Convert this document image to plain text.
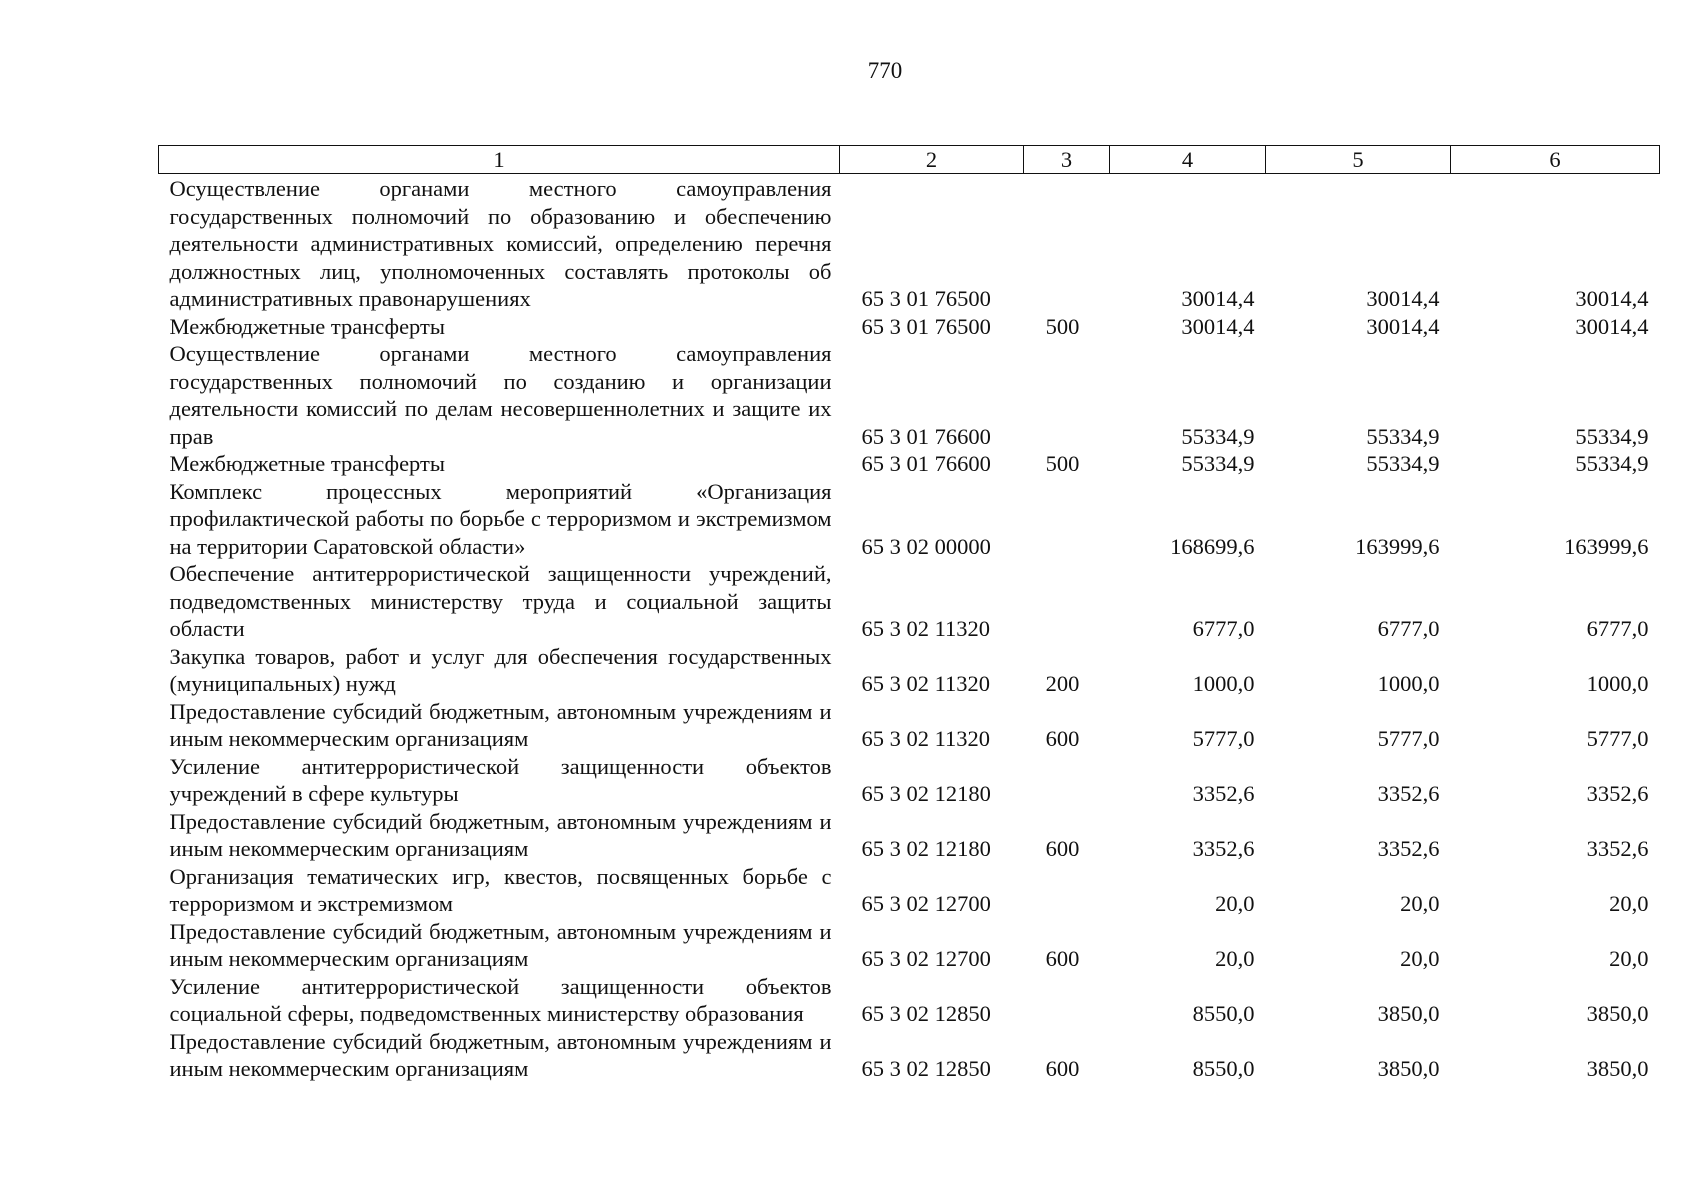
770
1	2	3	4	5	6
Осуществление органами местного самоуправления государственных полномочий по образованию и обеспечению деятельности административных комиссий, определению перечня должностных лиц, уполномоченных составлять протоколы об административных правонарушениях	65 3 01 76500		30014,4	30014,4	30014,4
Межбюджетные трансферты	65 3 01 76500	500	30014,4	30014,4	30014,4
Осуществление органами местного самоуправления государственных полномочий по созданию и организации деятельности комиссий по делам несовершеннолетних и защите их прав	65 3 01 76600		55334,9	55334,9	55334,9
Межбюджетные трансферты	65 3 01 76600	500	55334,9	55334,9	55334,9
Комплекс процессных мероприятий «Организация профилактической работы по борьбе с терроризмом и экстремизмом на территории Саратовской области»	65 3 02 00000		168699,6	163999,6	163999,6
Обеспечение антитеррористической защищенности учреждений, подведомственных министерству труда и социальной защиты области	65 3 02 11320		6777,0	6777,0	6777,0
Закупка товаров, работ и услуг для обеспечения государственных (муниципальных) нужд	65 3 02 11320	200	1000,0	1000,0	1000,0
Предоставление субсидий бюджетным, автономным учреждениям и иным некоммерческим организациям	65 3 02 11320	600	5777,0	5777,0	5777,0
Усиление антитеррористической защищенности объектов учреждений в сфере культуры	65 3 02 12180		3352,6	3352,6	3352,6
Предоставление субсидий бюджетным, автономным учреждениям и иным некоммерческим организациям	65 3 02 12180	600	3352,6	3352,6	3352,6
Организация тематических игр, квестов, посвященных борьбе с терроризмом и экстремизмом	65 3 02 12700		20,0	20,0	20,0
Предоставление субсидий бюджетным, автономным учреждениям и иным некоммерческим организациям	65 3 02 12700	600	20,0	20,0	20,0
Усиление антитеррористической защищенности объектов социальной сферы, подведомственных министерству образования	65 3 02 12850		8550,0	3850,0	3850,0
Предоставление субсидий бюджетным, автономным учреждениям и иным некоммерческим организациям	65 3 02 12850	600	8550,0	3850,0	3850,0
